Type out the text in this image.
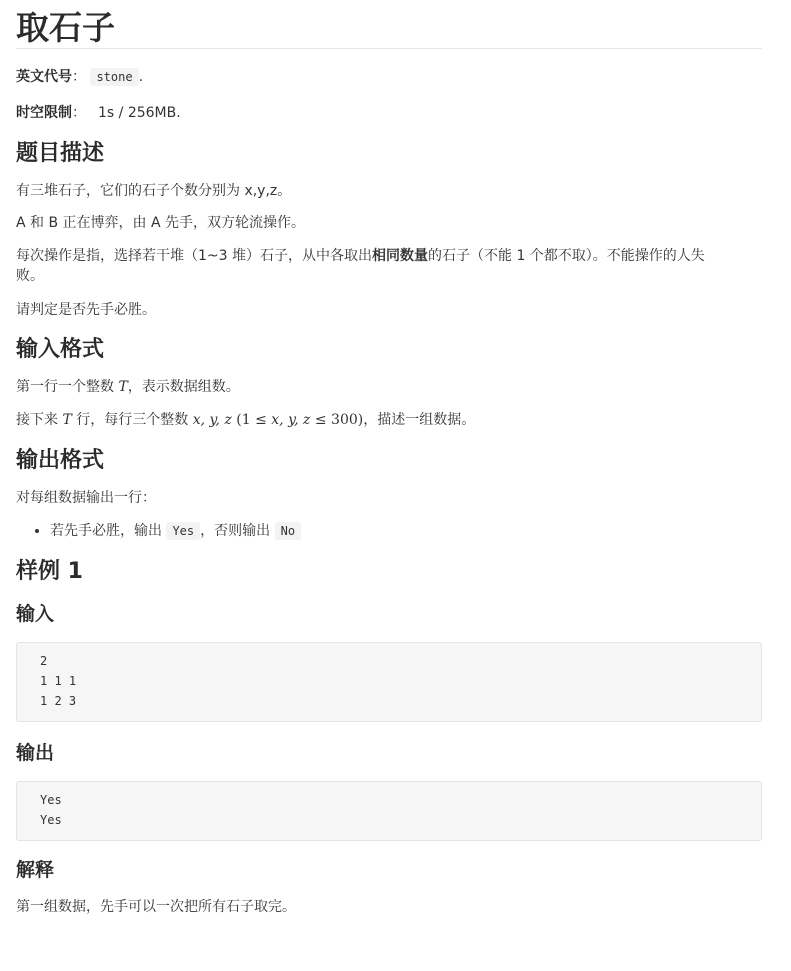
取石子

英文代号： stone .

时空限制： 1s / 256MB.

题目描述

有三堆石子，它们的石子个数分别为 x,y,z。

A 和 B 正在博弈，由 A 先手，双方轮流操作。

每次操作是指，选择若干堆（1~3 堆）石子，从中各取出相同数量的石子（不能 1 个都不取）。不能操作的人失
败。

请判定是否先手必胜。

输入格式

第一行一个整数 T，表示数据组数。

接下来 T 行，每行三个整数 x, y, z (1 ≤ x, y, z ≤ 300)，描述一组数据。

输出格式

对每组数据输出一行：

• 若先手必胜，输出 Yes ，否则输出 No
样例 1
输入
2
1 1 1
1 2 3
输出
Yes
Yes
解释

第一组数据，先手可以一次把所有石子取完。
